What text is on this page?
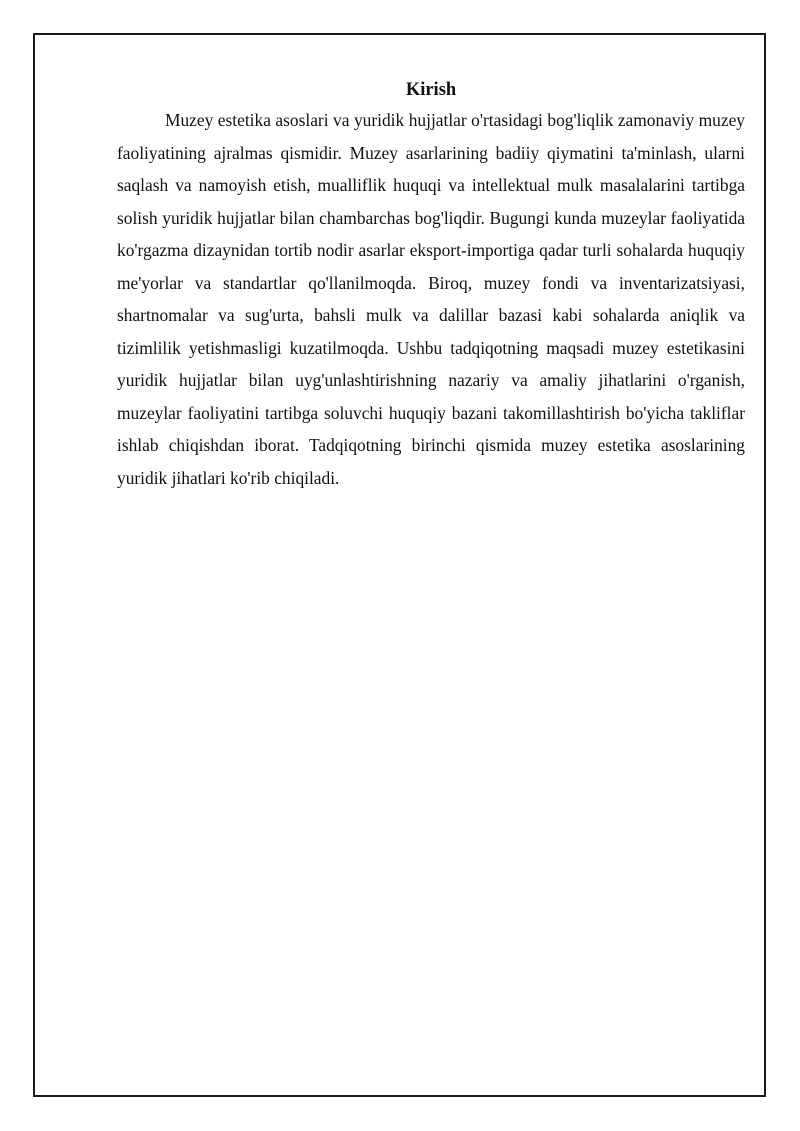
Kirish

Muzey estetika asoslari va yuridik hujjatlar o'rtasidagi bog'liqlik zamonaviy muzey faoliyatining ajralmas qismidir. Muzey asarlarining badiiy qiymatini ta'minlash, ularni saqlash va namoyish etish, mualliflik huquqi va intellektual mulk masalalarini tartibga solish yuridik hujjatlar bilan chambarchas bog'liqdir. Bugungi kunda muzeylar faoliyatida ko'rgazma dizaynidan tortib nodir asarlar eksport-importiga qadar turli sohalarda huquqiy me'yorlar va standartlar qo'llanilmoqda. Biroq, muzey fondi va inventarizatsiyasi, shartnomalar va sug'urta, bahsli mulk va dalillar bazasi kabi sohalarda aniqlik va tizimlilik yetishmasligi kuzatilmoqda. Ushbu tadqiqotning maqsadi muzey estetikasini yuridik hujjatlar bilan uyg'unlashtirishning nazariy va amaliy jihatlarini o'rganish, muzeylar faoliyatini tartibga soluvchi huquqiy bazani takomillashtirish bo'yicha takliflar ishlab chiqishdan iborat. Tadqiqotning birinchi qismida muzey estetika asoslarining yuridik jihatlari ko'rib chiqiladi.
